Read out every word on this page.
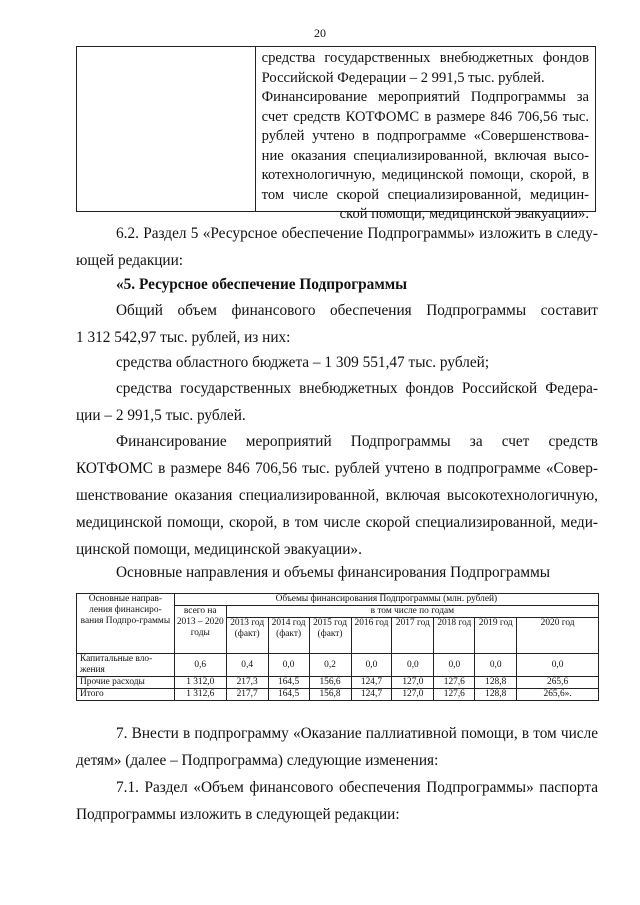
20
средства государственных внебюджетных фондов
Российской Федерации – 2 991,5 тыс. рублей.
Финансирование мероприятий Подпрограммы за
счет средств КОТФОМС в размере 846 706,56 тыс.
рублей учтено в подпрограмме «Совершенствова-
ние оказания специализированной, включая высо-
котехнологичную, медицинской помощи, скорой, в
том числе скорой специализированной, медицин-
ской помощи, медицинской эвакуации».
6.2. Раздел 5 «Ресурсное обеспечение Подпрограммы» изложить в следу-
ющей редакции:
«5. Ресурсное обеспечение Подпрограммы
Общий объем финансового обеспечения Подпрограммы составит
1 312 542,97 тыс. рублей, из них:
средства областного бюджета – 1 309 551,47 тыс. рублей;
средства государственных внебюджетных фондов Российской Федера-
ции – 2 991,5 тыс. рублей.
Финансирование мероприятий Подпрограммы за счет средств
КОТФОМС в размере 846 706,56 тыс. рублей учтено в подпрограмме «Совер-
шенствование оказания специализированной, включая высокотехнологичную,
медицинской помощи, скорой, в том числе скорой специализированной, меди-
цинской помощи, медицинской эвакуации».
Основные направления и объемы финансирования Подпрограммы
Основные направ-ления финансиро-вания Подпро-граммы	Объемы финансирования Подпрограммы (млн. рублей)								
	всего на 2013 – 2020 годы	в том числе по годам							
		2013 год (факт)	2014 год (факт)	2015 год (факт)	2016 год	2017 год	2018 год	2019 год	2020 год
Капитальные вло-жения	0,6	0,4	0,0	0,2	0,0	0,0	0,0	0,0	0,0
Прочие расходы	1 312,0	217,3	164,5	156,6	124,7	127,0	127,6	128,8	265,6
Итого	1 312,6	217,7	164,5	156,8	124,7	127,0	127,6	128,8	265,6».
7. Внести в подпрограмму «Оказание паллиативной помощи, в том числе
детям» (далее – Подпрограмма) следующие изменения:
7.1. Раздел «Объем финансового обеспечения Подпрограммы» паспорта
Подпрограммы изложить в следующей редакции:
